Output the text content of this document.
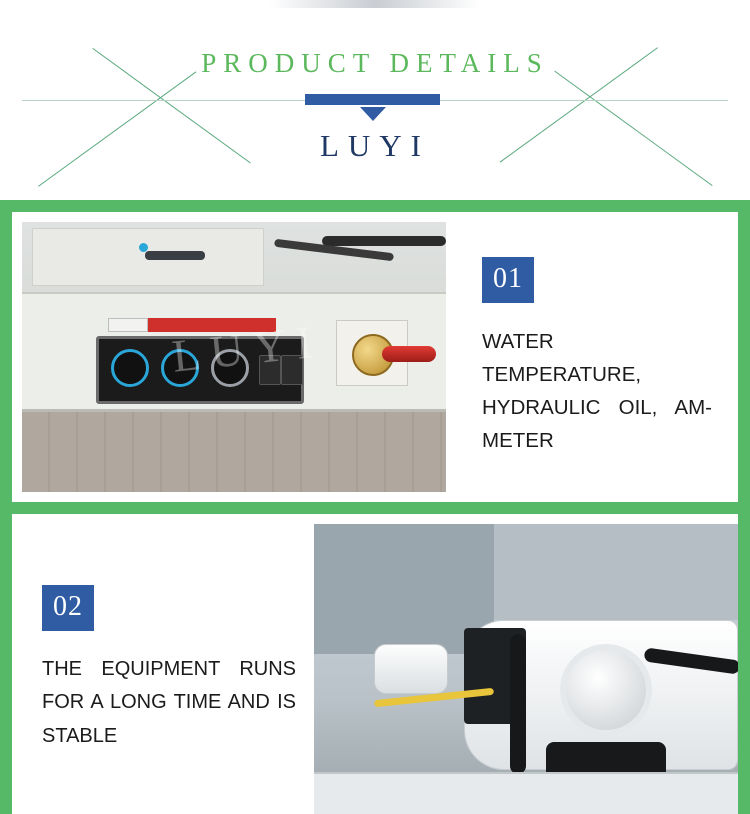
PRODUCT DETAILS
LUYI
LUYI
01
WATER TEMPERATURE, HYDRAULIC OIL, AM-METER
02
THE EQUIPMENT RUNS FOR A LONG TIME AND IS STABLE
